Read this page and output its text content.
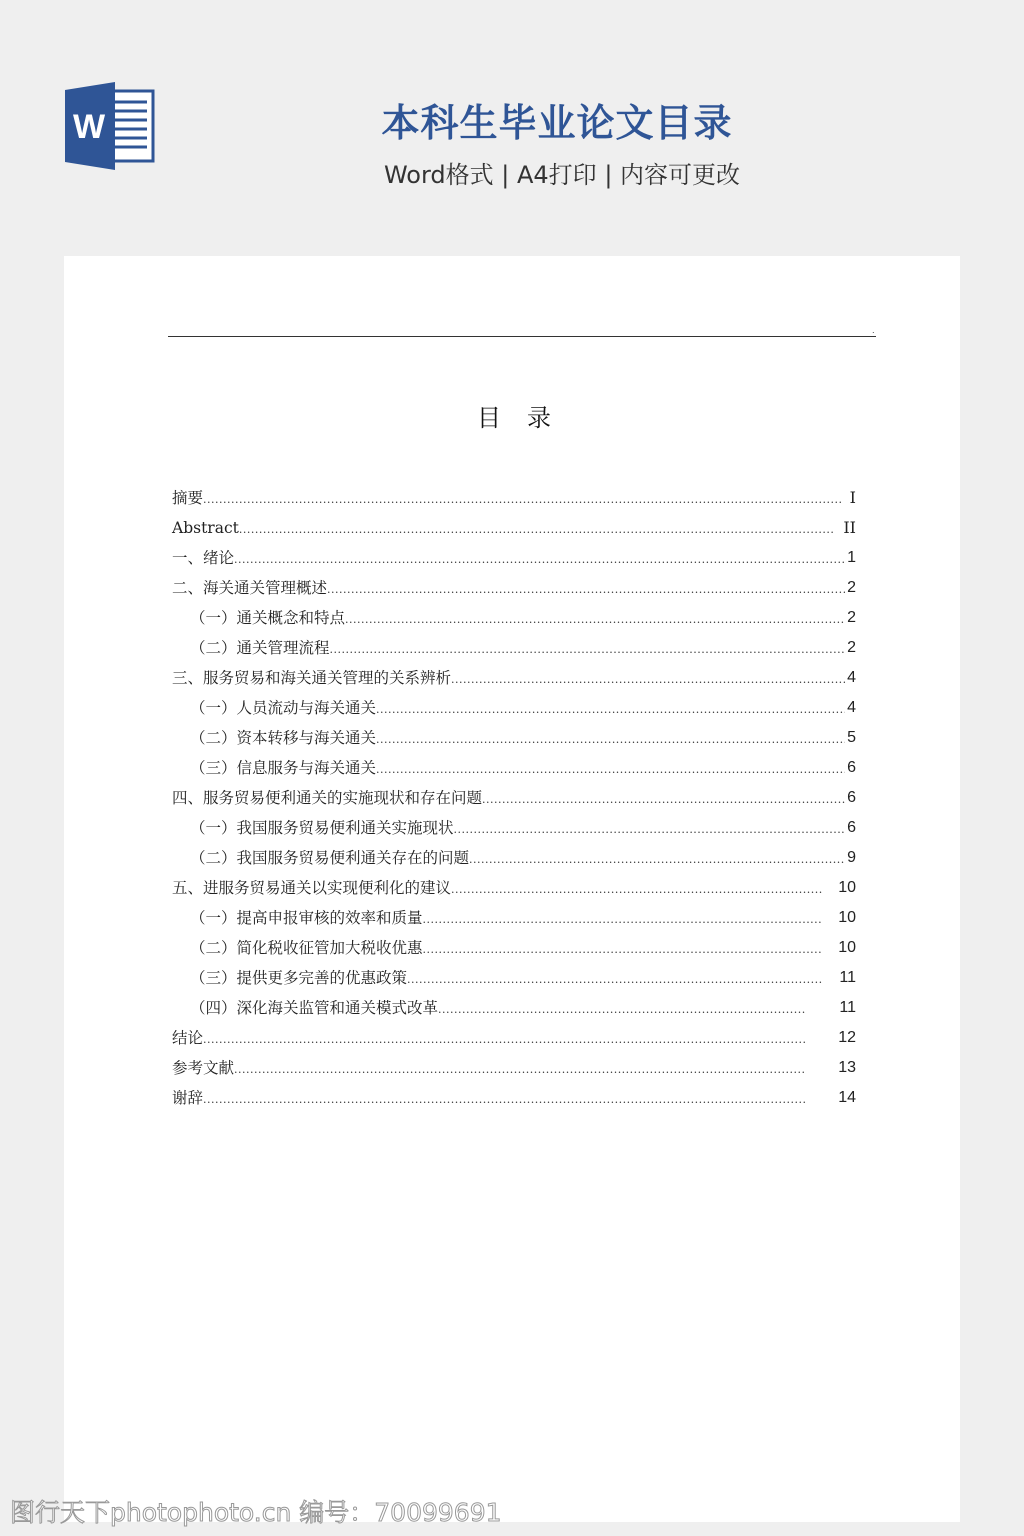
W	本科生毕业论文目录
Word格式 | A4打印 | 内容可更改
.
目录
摘要 .....	I
Abstract .....	II
一、绪论 .....	1
二、海关通关管理概述 .....	2
（一）通关概念和特点 .....	2
（二）通关管理流程 .....	2
三、服务贸易和海关通关管理的关系辨析 .....	4
（一）人员流动与海关通关 .....	4
（二）资本转移与海关通关 .....	5
（三）信息服务与海关通关 .....	6
四、服务贸易便利通关的实施现状和存在问题 .....	6
（一）我国服务贸易便利通关实施现状 .....	6
（二）我国服务贸易便利通关存在的问题 .....	9
五、进服务贸易通关以实现便利化的建议 .....	10
（一）提高申报审核的效率和质量 .....	10
（二）简化税收征管加大税收优惠 .....	10
（三）提供更多完善的优惠政策 .....	11
（四）深化海关监管和通关模式改革 .....	11
结论 .....	12
参考文献 .....	13
谢辞 .....	14
图行天下photophoto.cn 编号：70099691
